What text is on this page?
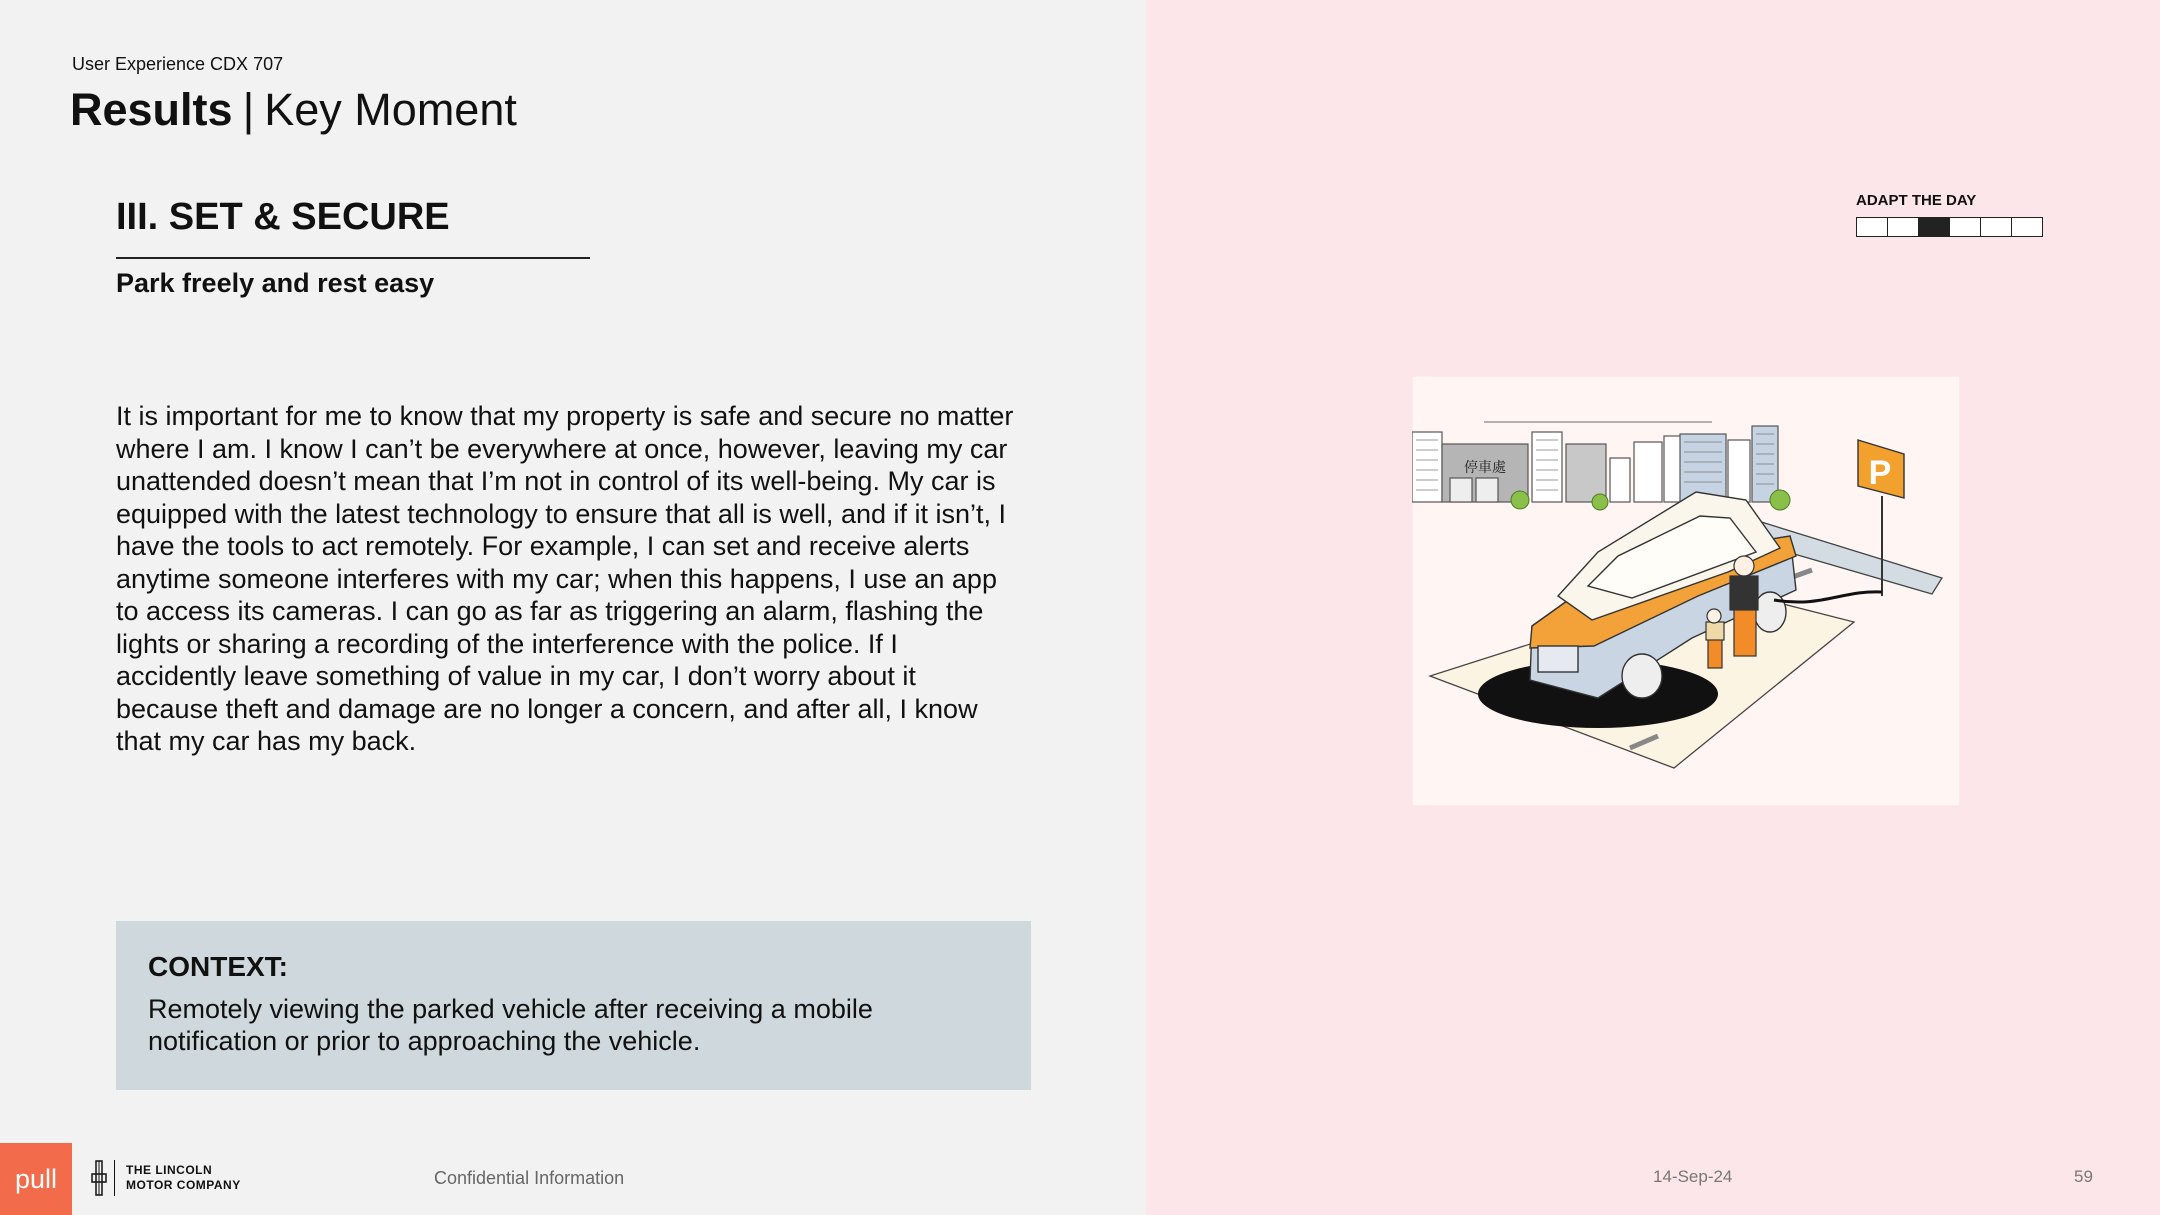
User Experience CDX 707
Results | Key Moment
III. SET & SECURE
Park freely and rest easy

It is important for me to know that my property is safe and secure no matter where I am. I know I can’t be everywhere at once, however, leaving my car unattended doesn’t mean that I’m not in control of its well-being. My car is equipped with the latest technology to ensure that all is well, and if it isn’t, I have the tools to act remotely. For example, I can set and receive alerts anytime someone interferes with my car; when this happens, I use an app to access its cameras. I can go as far as triggering an alarm, flashing the lights or sharing a recording of the interference with the police. If I accidently leave something of value in my car, I don’t worry about it because theft and damage are no longer a concern, and after all, I know that my car has my back.

CONTEXT:
Remotely viewing the parked vehicle after receiving a mobile notification or prior to approaching the vehicle.
pull	THE LINCOLN
MOTOR COMPANY	Confidential Information
ADAPT THE DAY
停車處	P
14-Sep-24	59
